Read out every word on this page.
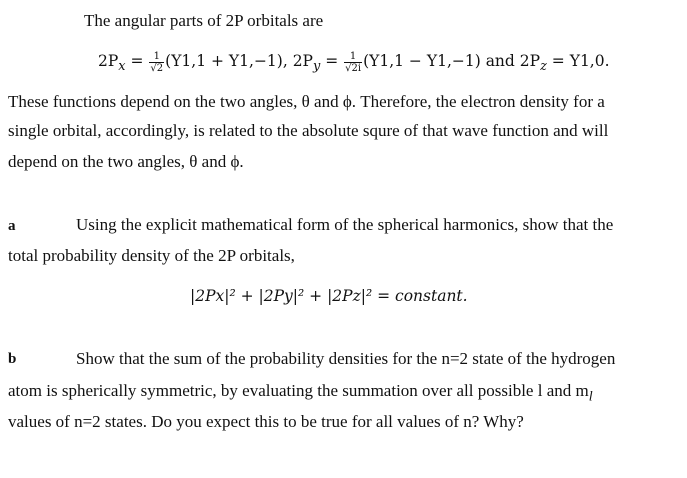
The angular parts of 2P orbitals are
$2P_x = \frac{1}{√2} (Y1,1 + Y1,-1)$, $2P_y = \frac{1}{√2i} (Y1,1 - Y1,-1)$ and $2P_z = Y1,0$.
These functions depend on the two angles, θ and ϕ. Therefore, the electron density for a
single orbital, accordingly, is related to the absolute squre of that wave function and will
depend on the two angles, θ and ϕ.
a	Using the explicit mathematical form of the spherical harmonics, show that the
total probability density of the 2P orbitals,
|2Px|² + |2Py|² + |2Pz|² = constant.
b	Show that the sum of the probability densities for the n=2 state of the hydrogen
atom is spherically symmetric, by evaluating the summation over all possible l and $m_l$
values of n=2 states. Do you expect this to be true for all values of n? Why?
